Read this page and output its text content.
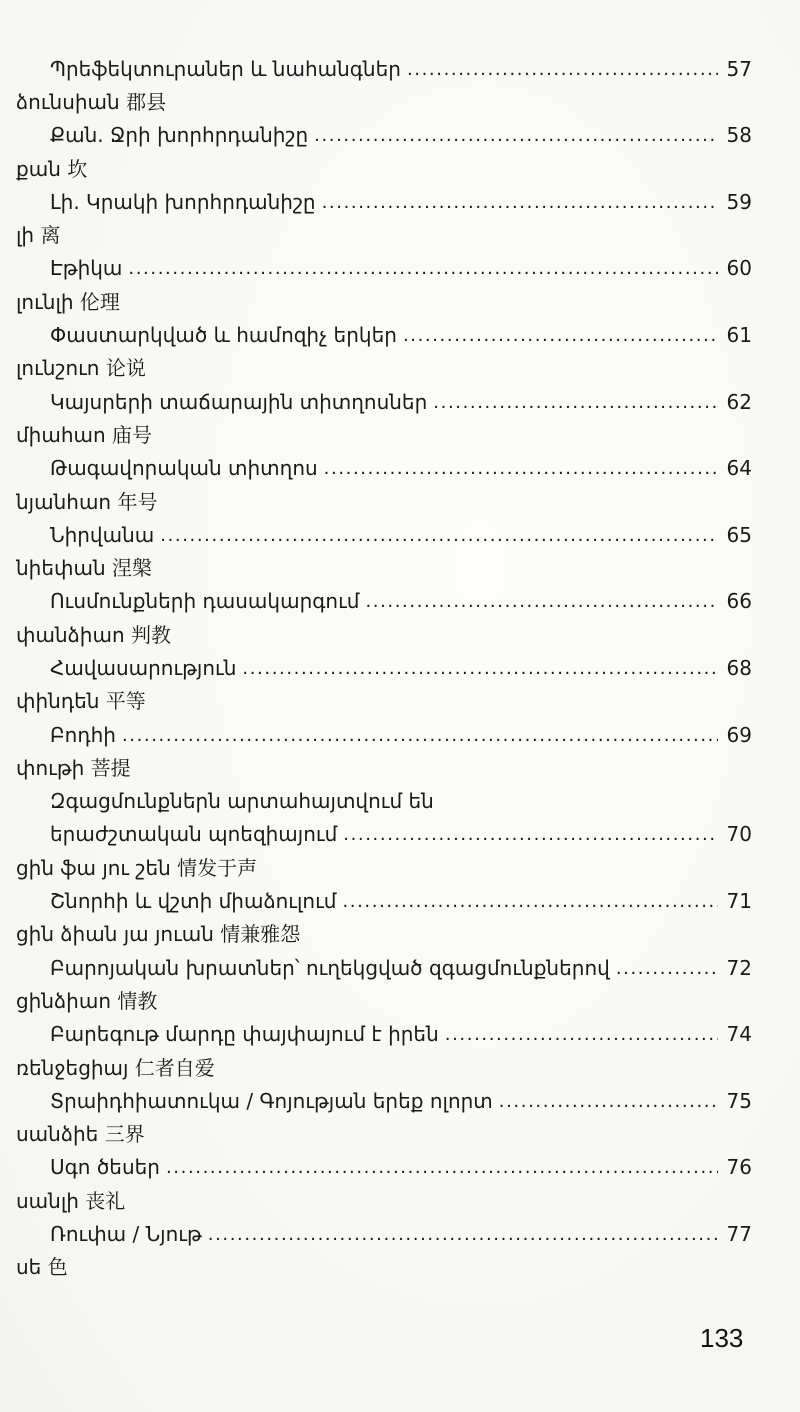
Պրեֆեկտուրաներ և նահանգներ .....	57
ձունսիան 郡县
Քան. Ջրի խորհրդանիշը .....	58
քան 坎
Լի. Կրակի խորհրդանիշը .....	59
լի 离
Էթիկա .....	60
լունլի 伦理
Փաստարկված և համոզիչ երկեր .....	61
լունշուո 论说
Կայսրերի տաճարային տիտղոսներ .....	62
միահաո 庙号
Թագավորական տիտղոս .....	64
նյանհաո 年号
Նիրվանա .....	65
նիեփան 涅槃
Ուսմունքների դասակարգում .....	66
փանձիաո 判教
Հավասարություն .....	68
փինդեն 平等
Բոդհի .....	69
փութի 菩提
Զգացմունքներն արտահայտվում են
երաժշտական պոեզիայում .....	70
ցին ֆա յու շեն 情发于声
Շնորհի և վշտի միաձուլում .....	71
ցին ձիան յա յուան 情兼雅怨
Բարոյական խրատներ՝ ուղեկցված զգացմունքներով .....	72
ցինձիաո 情教
Բարեգութ մարդը փայփայում է իրեն .....	74
ռենջեցիայ 仁者自爱
Տրաիդհիատուկա / Գոյության երեք ոլորտ .....	75
սանձիե 三界
Սգո ծեսեր .....	76
սանլի 丧礼
Ռուփա / Նյութ .....	77
սե 色
133
